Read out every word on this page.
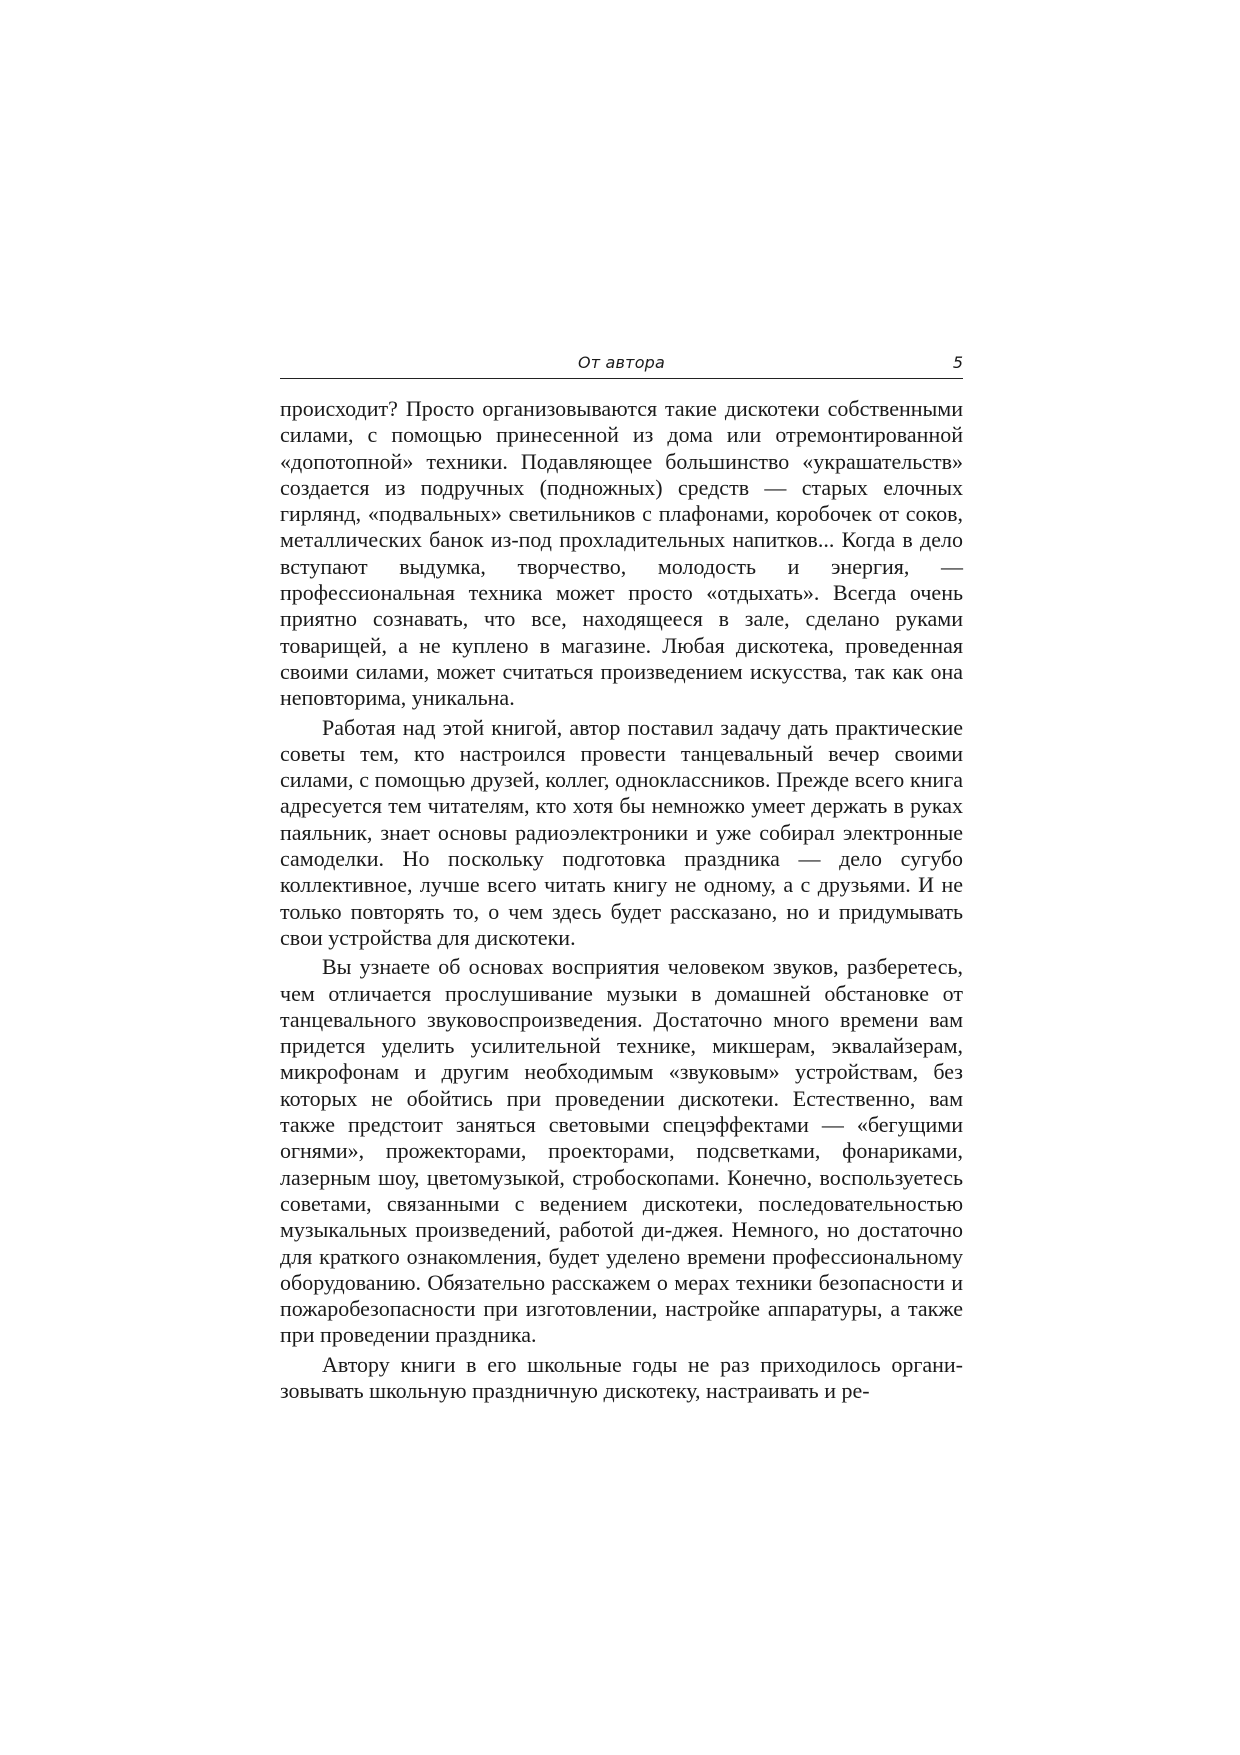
От автора	5

происходит? Просто организовываются такие дискотеки собственными силами, с помощью принесенной из дома или отремонтированной «допотопной» техники. Подавляющее большинство «украшательств» создается из подручных (подножных) средств — старых елочных гирлянд, «подвальных» светильников с плафонами, коробочек от соков, металлических банок из-под прохладительных напитков... Когда в дело вступают выдумка, творчество, молодость и энергия, — профессиональная техника может просто «отдыхать». Всегда очень приятно сознавать, что все, находящееся в зале, сделано руками товарищей, а не куплено в магазине. Любая дискотека, проведенная своими силами, может считаться произведением искусства, так как она неповторима, уникальна.

Работая над этой книгой, автор поставил задачу дать практические советы тем, кто настроился провести танцевальный вечер своими силами, с помощью друзей, коллег, одноклассников. Прежде всего книга адресуется тем читателям, кто хотя бы немножко умеет держать в руках паяльник, знает основы радиоэлектроники и уже собирал электронные самоделки. Но поскольку подготовка праздника — дело сугубо коллективное, лучше всего читать книгу не одному, а с друзьями. И не только повторять то, о чем здесь будет рассказано, но и придумывать свои устройства для дискотеки.

Вы узнаете об основах восприятия человеком звуков, разберетесь, чем отличается прослушивание музыки в домашней обстановке от танцевального звуковоспроизведения. Достаточно много времени вам придется уделить усилительной технике, микшерам, эквалайзерам, микрофонам и другим необходимым «звуковым» устройствам, без которых не обойтись при проведении дискотеки. Естественно, вам также предстоит заняться световыми спецэффектами — «бегущими огнями», прожекторами, проекторами, подсветками, фонариками, лазерным шоу, цветомузыкой, стробоскопами. Конечно, воспользуетесь советами, связанными с ведением дискотеки, последовательностью музыкальных произведений, работой ди-джея. Немного, но достаточно для краткого ознакомления, будет уделено времени профессиональному оборудованию. Обязательно расскажем о мерах техники безопасности и пожаробезопасности при изготовлении, настройке аппаратуры, а также при проведении праздника.

Автору книги в его школьные годы не раз приходилось организовывать школьную праздничную дискотеку, настраивать и ре-
